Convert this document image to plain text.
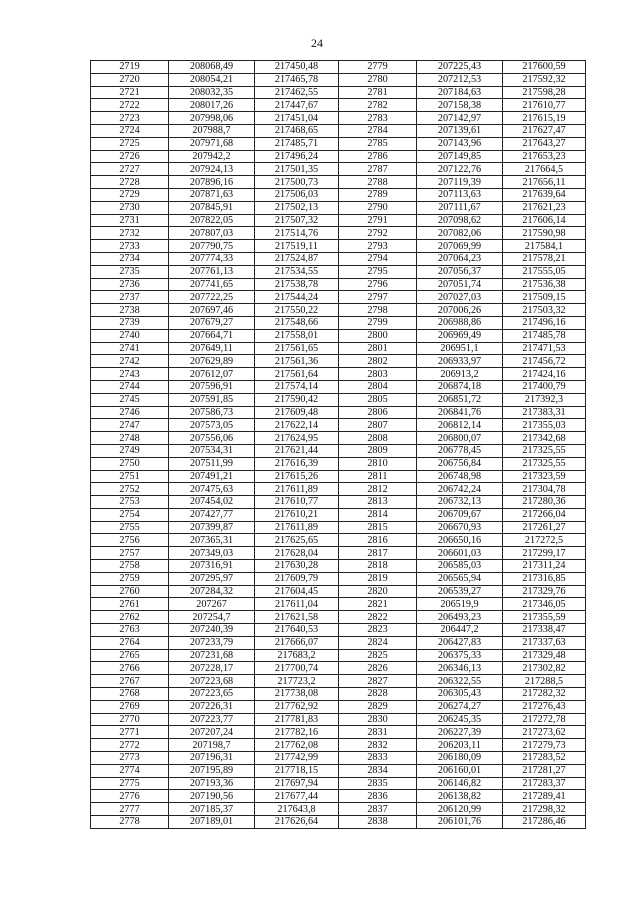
24
2719	208068,49	217450,48	2779	207225,43	217600,59
2720	208054,21	217465,78	2780	207212,53	217592,32
2721	208032,35	217462,55	2781	207184,63	217598,28
2722	208017,26	217447,67	2782	207158,38	217610,77
2723	207998,06	217451,04	2783	207142,97	217615,19
2724	207988,7	217468,65	2784	207139,61	217627,47
2725	207971,68	217485,71	2785	207143,96	217643,27
2726	207942,2	217496,24	2786	207149,85	217653,23
2727	207924,13	217501,35	2787	207122,76	217664,5
2728	207896,16	217500,73	2788	207119,39	217656,11
2729	207871,63	217506,03	2789	207113,63	217639,64
2730	207845,91	217502,13	2790	207111,67	217621,23
2731	207822,05	217507,32	2791	207098,62	217606,14
2732	207807,03	217514,76	2792	207082,06	217590,98
2733	207790,75	217519,11	2793	207069,99	217584,1
2734	207774,33	217524,87	2794	207064,23	217578,21
2735	207761,13	217534,55	2795	207056,37	217555,05
2736	207741,65	217538,78	2796	207051,74	217536,38
2737	207722,25	217544,24	2797	207027,03	217509,15
2738	207697,46	217550,22	2798	207006,26	217503,32
2739	207679,27	217548,66	2799	206988,86	217496,16
2740	207664,71	217558,01	2800	206969,49	217485,78
2741	207649,11	217561,65	2801	206951,1	217471,53
2742	207629,89	217561,36	2802	206933,97	217456,72
2743	207612,07	217561,64	2803	206913,2	217424,16
2744	207596,91	217574,14	2804	206874,18	217400,79
2745	207591,85	217590,42	2805	206851,72	217392,3
2746	207586,73	217609,48	2806	206841,76	217383,31
2747	207573,05	217622,14	2807	206812,14	217355,03
2748	207556,06	217624,95	2808	206800,07	217342,68
2749	207534,31	217621,44	2809	206778,45	217325,55
2750	207511,99	217616,39	2810	206756,84	217325,55
2751	207491,21	217615,26	2811	206748,98	217323,59
2752	207475,63	217611,89	2812	206742,24	217304,78
2753	207454,02	217610,77	2813	206732,13	217280,36
2754	207427,77	217610,21	2814	206709,67	217266,04
2755	207399,87	217611,89	2815	206670,93	217261,27
2756	207365,31	217625,65	2816	206650,16	217272,5
2757	207349,03	217628,04	2817	206601,03	217299,17
2758	207316,91	217630,28	2818	206585,03	217311,24
2759	207295,97	217609,79	2819	206565,94	217316,85
2760	207284,32	217604,45	2820	206539,27	217329,76
2761	207267	217611,04	2821	206519,9	217346,05
2762	207254,7	217621,58	2822	206493,23	217355,59
2763	207240,39	217640,53	2823	206447,2	217338,47
2764	207233,79	217666,07	2824	206427,83	217337,63
2765	207231,68	217683,2	2825	206375,33	217329,48
2766	207228,17	217700,74	2826	206346,13	217302,82
2767	207223,68	217723,2	2827	206322,55	217288,5
2768	207223,65	217738,08	2828	206305,43	217282,32
2769	207226,31	217762,92	2829	206274,27	217276,43
2770	207223,77	217781,83	2830	206245,35	217272,78
2771	207207,24	217782,16	2831	206227,39	217273,62
2772	207198,7	217762,08	2832	206203,11	217279,73
2773	207196,31	217742,99	2833	206180,09	217283,52
2774	207195,89	217718,15	2834	206160,01	217281,27
2775	207193,36	217697,94	2835	206146,82	217283,37
2776	207190,56	217677,44	2836	206138,82	217289,41
2777	207185,37	217643,8	2837	206120,99	217298,32
2778	207189,01	217626,64	2838	206101,76	217286,46
